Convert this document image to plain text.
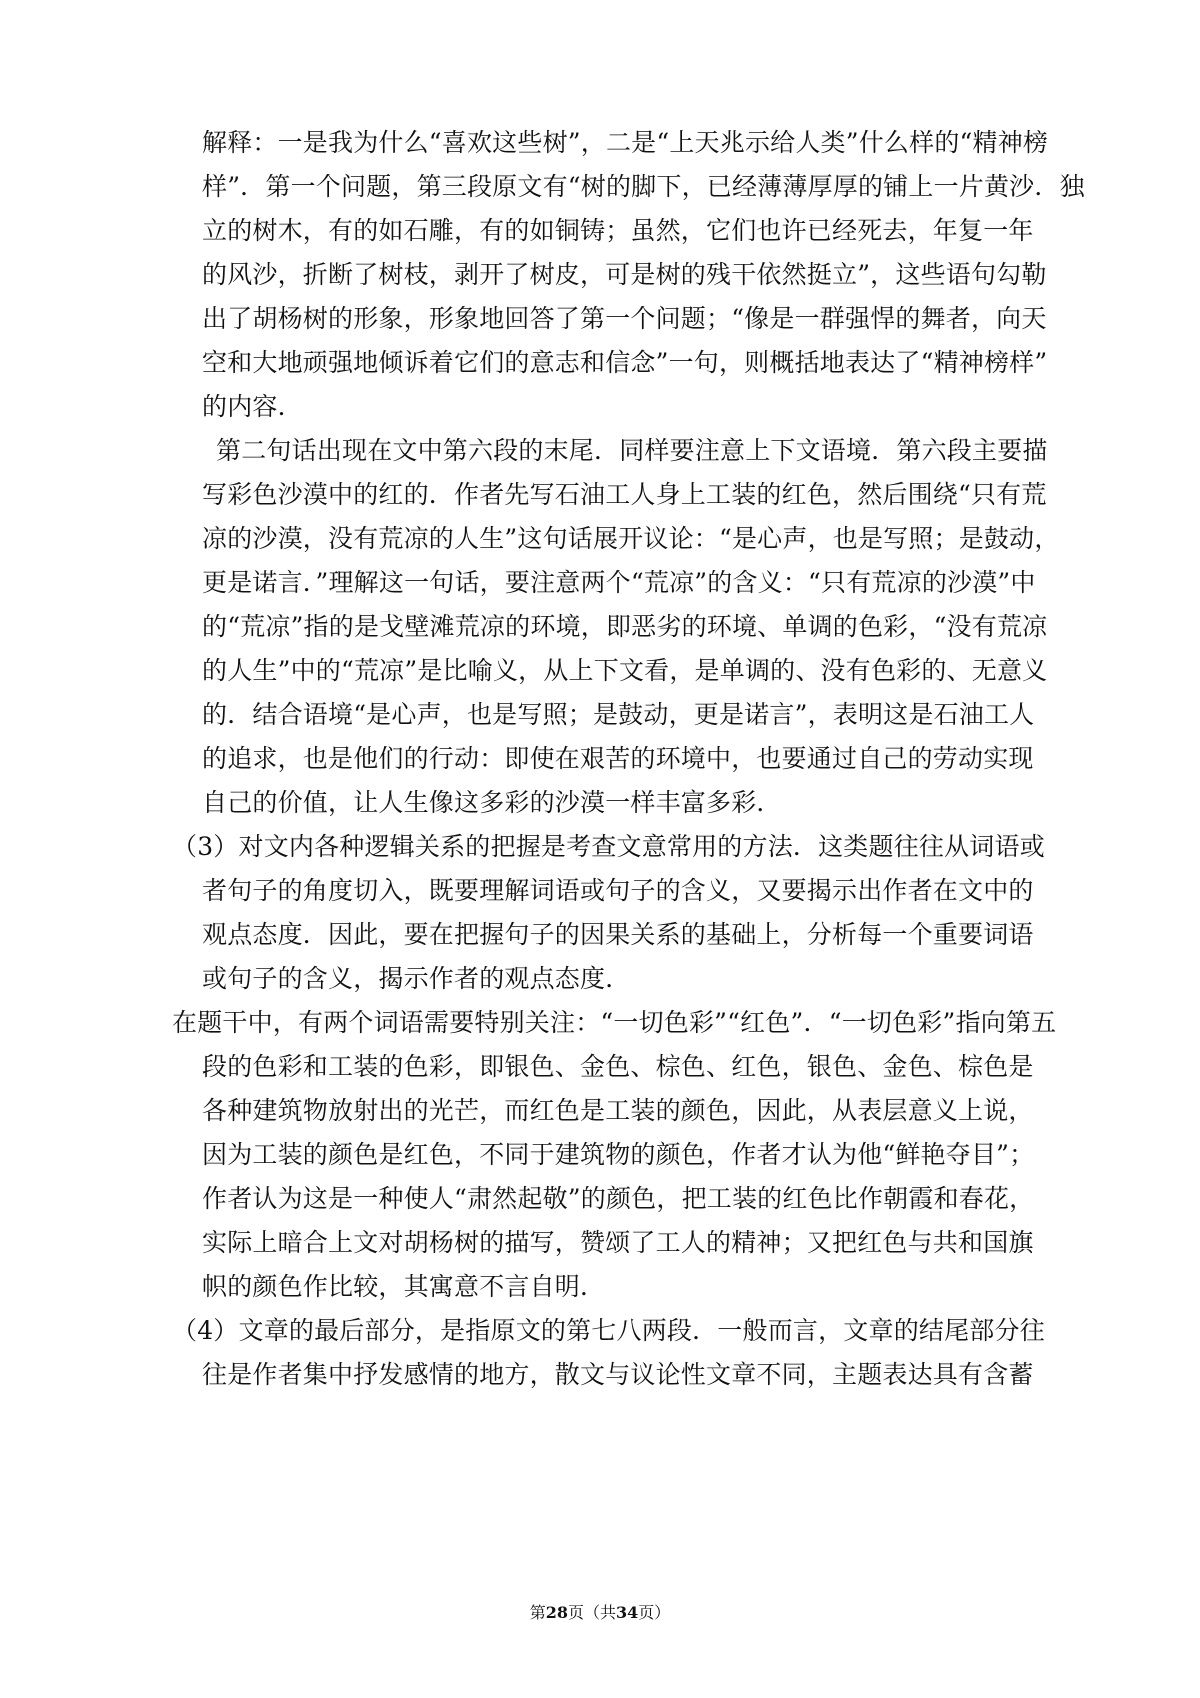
解释：一是我为什么“喜欢这些树”，二是“上天兆示给人类”什么样的“精神榜
样”．第一个问题，第三段原文有“树的脚下，已经薄薄厚厚的铺上一片黄沙．独
立的树木，有的如石雕，有的如铜铸；虽然，它们也许已经死去，年复一年
的风沙，折断了树枝，剥开了树皮，可是树的残干依然挺立”，这些语句勾勒
出了胡杨树的形象，形象地回答了第一个问题；“像是一群强悍的舞者，向天
空和大地顽强地倾诉着它们的意志和信念”一句，则概括地表达了“精神榜样”
的内容．
第二句话出现在文中第六段的末尾．同样要注意上下文语境．第六段主要描
写彩色沙漠中的红的．作者先写石油工人身上工装的红色，然后围绕“只有荒
凉的沙漠，没有荒凉的人生”这句话展开议论：“是心声，也是写照；是鼓动，
更是诺言．”理解这一句话，要注意两个“荒凉”的含义：“只有荒凉的沙漠”中
的“荒凉”指的是戈壁滩荒凉的环境，即恶劣的环境、单调的色彩，“没有荒凉
的人生”中的“荒凉”是比喻义，从上下文看，是单调的、没有色彩的、无意义
的．结合语境“是心声，也是写照；是鼓动，更是诺言”，表明这是石油工人
的追求，也是他们的行动：即使在艰苦的环境中，也要通过自己的劳动实现
自己的价值，让人生像这多彩的沙漠一样丰富多彩．
（3）对文内各种逻辑关系的把握是考查文意常用的方法．这类题往往从词语或
者句子的角度切入，既要理解词语或句子的含义，又要揭示出作者在文中的
观点态度．因此，要在把握句子的因果关系的基础上，分析每一个重要词语
或句子的含义，揭示作者的观点态度．
在题干中，有两个词语需要特别关注：“一切色彩”“红色”．“一切色彩”指向第五
段的色彩和工装的色彩，即银色、金色、棕色、红色，银色、金色、棕色是
各种建筑物放射出的光芒，而红色是工装的颜色，因此，从表层意义上说，
因为工装的颜色是红色，不同于建筑物的颜色，作者才认为他“鲜艳夺目”；
作者认为这是一种使人“肃然起敬”的颜色，把工装的红色比作朝霞和春花，
实际上暗合上文对胡杨树的描写，赞颂了工人的精神；又把红色与共和国旗
帜的颜色作比较，其寓意不言自明．
（4）文章的最后部分，是指原文的第七八两段．一般而言，文章的结尾部分往
往是作者集中抒发感情的地方，散文与议论性文章不同，主题表达具有含蓄
第28页（共34页）
